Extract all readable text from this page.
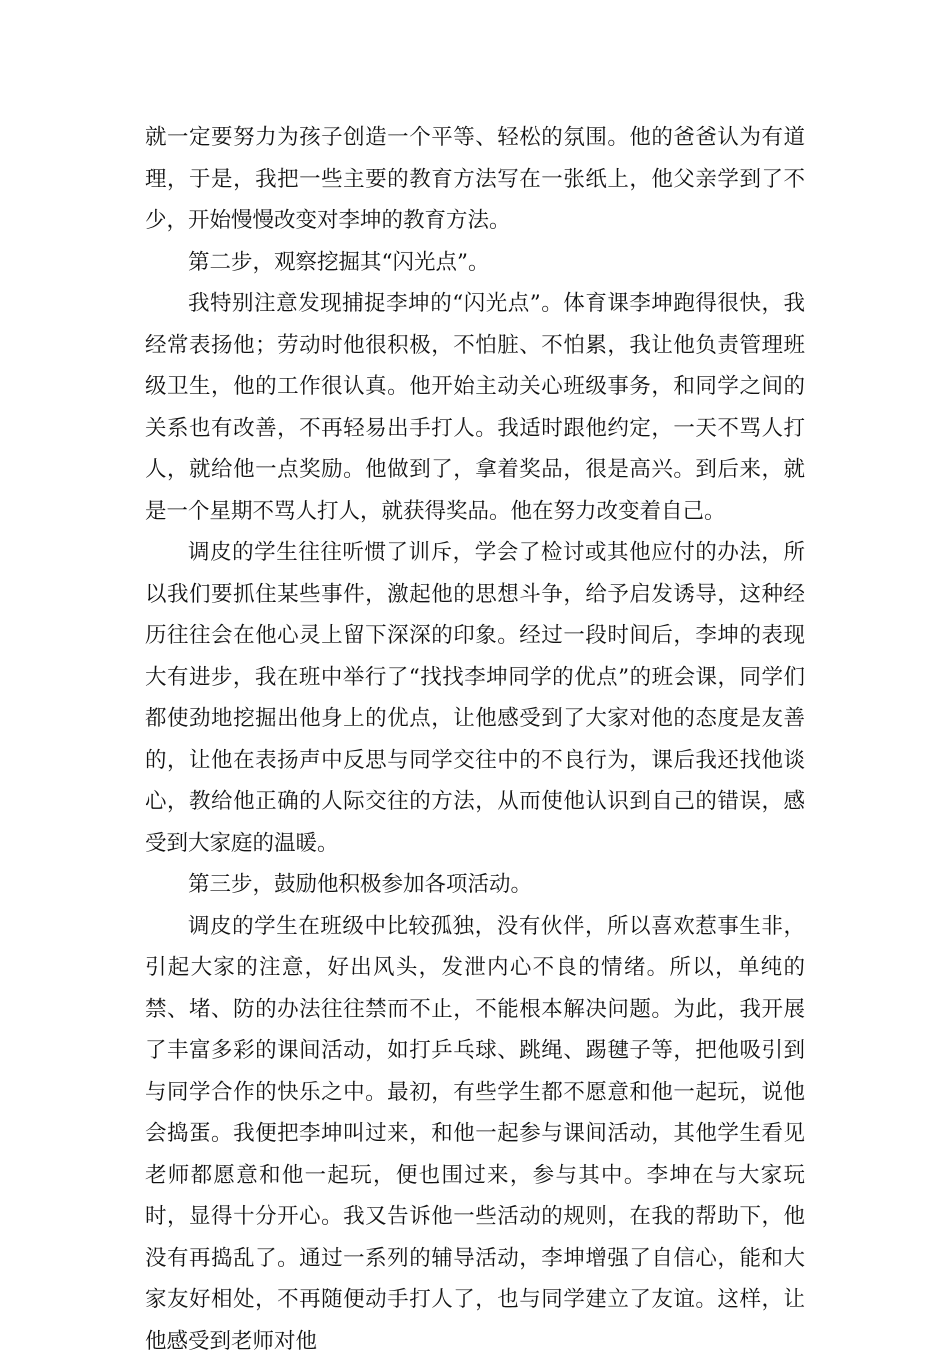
就一定要努力为孩子创造一个平等、轻松的氛围。他的爸爸认为有道理，于是，我把一些主要的教育方法写在一张纸上，他父亲学到了不少，开始慢慢改变对李坤的教育方法。

第二步，观察挖掘其“闪光点”。

我特别注意发现捕捉李坤的“闪光点”。体育课李坤跑得很快，我经常表扬他；劳动时他很积极，不怕脏、不怕累，我让他负责管理班级卫生，他的工作很认真。他开始主动关心班级事务，和同学之间的关系也有改善，不再轻易出手打人。我适时跟他约定，一天不骂人打人，就给他一点奖励。他做到了，拿着奖品，很是高兴。到后来，就是一个星期不骂人打人，就获得奖品。他在努力改变着自己。

调皮的学生往往听惯了训斥，学会了检讨或其他应付的办法，所以我们要抓住某些事件，激起他的思想斗争，给予启发诱导，这种经历往往会在他心灵上留下深深的印象。经过一段时间后，李坤的表现大有进步，我在班中举行了“找找李坤同学的优点”的班会课，同学们都使劲地挖掘出他身上的优点，让他感受到了大家对他的态度是友善的，让他在表扬声中反思与同学交往中的不良行为，课后我还找他谈心，教给他正确的人际交往的方法，从而使他认识到自己的错误，感受到大家庭的温暖。

第三步，鼓励他积极参加各项活动。

调皮的学生在班级中比较孤独，没有伙伴，所以喜欢惹事生非，引起大家的注意，好出风头，发泄内心不良的情绪。所以，单纯的禁、堵、防的办法往往禁而不止，不能根本解决问题。为此，我开展了丰富多彩的课间活动，如打乒乓球、跳绳、踢毽子等，把他吸引到与同学合作的快乐之中。最初，有些学生都不愿意和他一起玩，说他会捣蛋。我便把李坤叫过来，和他一起参与课间活动，其他学生看见老师都愿意和他一起玩，便也围过来，参与其中。李坤在与大家玩时，显得十分开心。我又告诉他一些活动的规则，在我的帮助下，他没有再捣乱了。通过一系列的辅导活动，李坤增强了自信心，能和大家友好相处，不再随便动手打人了，也与同学建立了友谊。这样，让他感受到老师对他
